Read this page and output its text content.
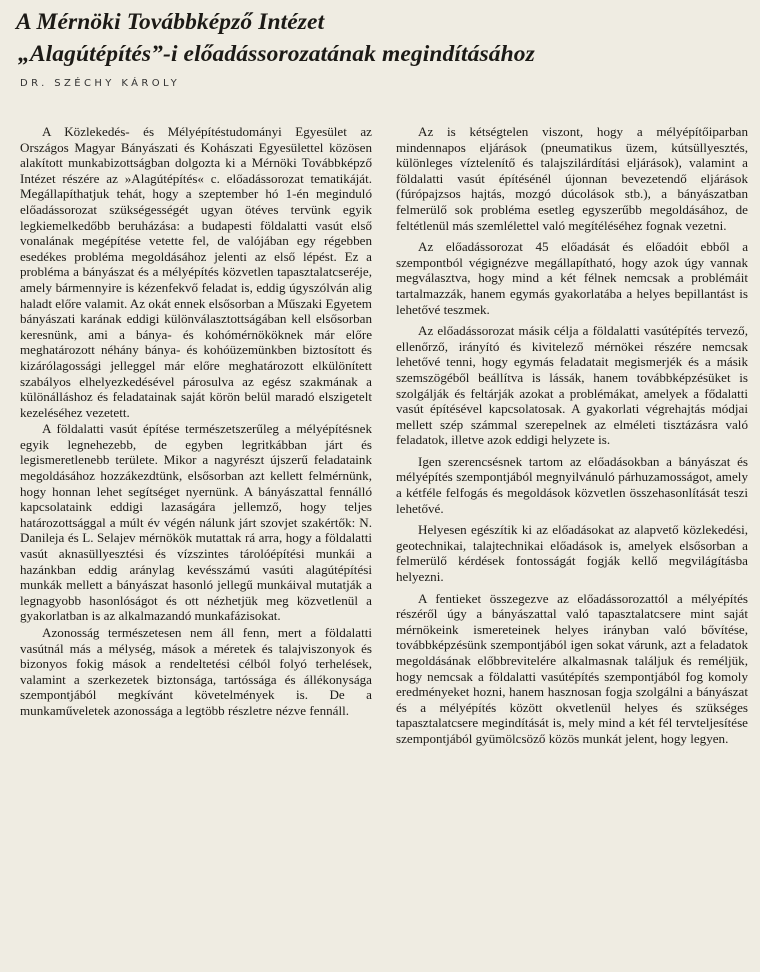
A Mérnöki Továbbképző Intézet
„Alagútépítés”-i előadássorozatának megindításához
DR. SZÉCHY KÁROLY

A Közlekedés- és Mélyépítéstudományi Egyesület az Országos Magyar Bányászati és Kohászati Egyesülettel közösen alakított munkabizottságban dolgozta ki a Mérnöki Továbbképző Intézet részére az »Alagútépítés« c. előadássorozat tematikáját. Megállapíthatjuk tehát, hogy a szeptember hó 1-én meginduló előadássorozat szükségességét ugyan ötéves tervünk egyik legkiemelkedőbb beruházása: a budapesti földalatti vasút első vonalának megépítése vetette fel, de valójában egy régebben esedékes probléma megoldásához jelenti az első lépést. Ez a probléma a bányászat és a mélyépítés közvetlen tapasztalatcseréje, amely bármennyire is kézenfekvő feladat is, eddig úgyszólván alig haladt előre valamit. Az okát ennek elsősorban a Műszaki Egyetem bányászati karának eddigi különválasztottságában kell elsősorban keresnünk, ami a bánya- és kohómérnököknek már előre meghatározott néhány bánya- és kohóüzemünkben biztosított és kizárólagossági jelleggel már előre meghatározott elkülönített szabályos elhelyezkedésével párosulva az egész szakmának a különálláshoz és feladatainak saját körön belül maradó elszigetelt kezeléséhez vezetett.

A földalatti vasút építése természetszerűleg a mélyépítésnek egyik legnehezebb, de egyben legritkábban járt és legismeretlenebb területe. Mikor a nagyrészt újszerű feladataink megoldásához hozzákezdtünk, elsősorban azt kellett felmérnünk, hogy honnan lehet segítséget nyernünk. A bányászattal fennálló kapcsolataink eddigi lazaságára jellemző, hogy teljes határozottsággal a múlt év végén nálunk járt szovjet szakértők: N. Danileja és L. Selajev mérnökök mutattak rá arra, hogy a földalatti vasút aknasüllyesztési és vízszintes tárolóépítési munkái a hazánkban eddig aránylag kevésszámú vasúti alagútépítési munkák mellett a bányászat hasonló jellegű munkáival mutatják a legnagyobb hasonlóságot és ott nézhetjük meg közvetlenül a gyakorlatban is az alkalmazandó munkafázisokat.

Azonosság természetesen nem áll fenn, mert a földalatti vasútnál más a mélység, mások a méretek és talajviszonyok és bizonyos fokig mások a rendeltetési célból folyó terhelések, valamint a szerkezetek biztonsága, tartóssága és állékonysága szempontjából megkívánt követelmények is. De a munkaműveletek azonossága a legtöbb részletre nézve fennáll.

Az is kétségtelen viszont, hogy a mélyépítőiparban mindennapos eljárások (pneumatikus üzem, kútsüllyesztés, különleges víztelenítő és talajszilárdítási eljárások), valamint a földalatti vasút építésénél újonnan bevezetendő eljárások (fúrópajzsos hajtás, mozgó dúcolások stb.), a bányászatban felmerülő sok probléma esetleg egyszerűbb megoldásához, de feltétlenül más szemlélettel való megítéléséhez fognak vezetni.

Az előadássorozat 45 előadását és előadóit ebből a szempontból végignézve megállapítható, hogy azok úgy vannak megválasztva, hogy mind a két félnek nemcsak a problémáit tartalmazzák, hanem egymás gyakorlatába a helyes bepillantást is lehetővé teszmek.

Az előadássorozat másik célja a földalatti vasútépítés tervező, ellenőrző, irányító és kivitelező mérnökei részére nemcsak lehetővé tenni, hogy egymás feladatait megismerjék és a másik szemszögéből beállítva is lássák, hanem továbbképzésüket is szolgálják és feltárják azokat a problémákat, amelyek a fődalatti vasút építésével kapcsolatosak. A gyakorlati végrehajtás módjai mellett szép számmal szerepelnek az elméleti tisztázásra való feladatok, illetve azok eddigi helyzete is.

Igen szerencsésnek tartom az előadásokban a bányászat és mélyépítés szempontjából megnyilvánuló párhuzamosságot, amely a kétféle felfogás és megoldások közvetlen összehasonlítását teszi lehetővé.

Helyesen egészítik ki az előadásokat az alapvető közlekedési, geotechnikai, talajtechnikai előadások is, amelyek elsősorban a felmerülő kérdések fontosságát fogják kellő megvilágításba helyezni.

A fentieket összegezve az előadássorozattól a mélyépítés részéről úgy a bányászattal való tapasztalatcsere mint saját mérnökeink ismereteinek helyes irányban való bővítése, továbbképzésünk szempontjából igen sokat várunk, azt a feladatok megoldásának előbbrevitelére alkalmasnak találjuk és reméljük, hogy nemcsak a földalatti vasútépítés szempontjából fog komoly eredményeket hozni, hanem hasznosan fogja szolgálni a bányászat és a mélyépítés között okvetlenül helyes és szükséges tapasztalatcsere megindítását is, mely mind a két fél tervteljesítése szempontjából gyümölcsöző közös munkát jelent, hogy legyen.
